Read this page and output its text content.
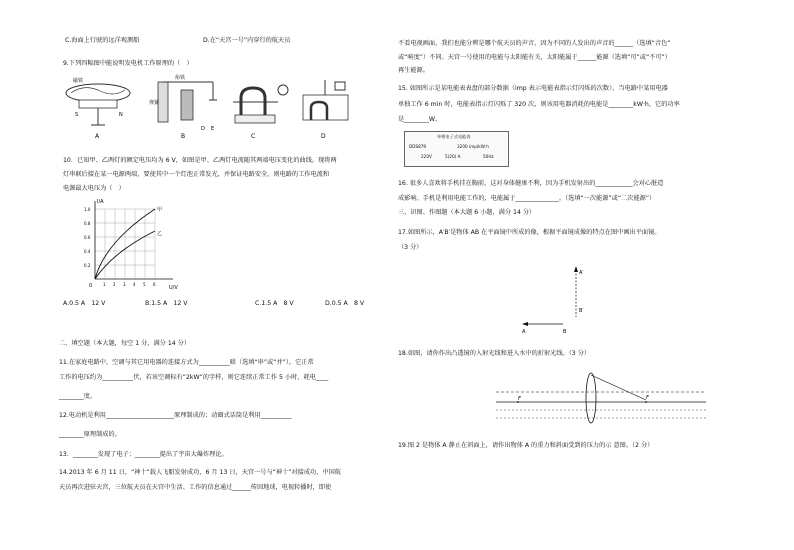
C.海面上行驶的远洋观测船	D.在“天宫一号”内穿行的航天员
9.下列四幅图中能说明发电机工作原理的（　）
磁铁
S	N
A
衔铁
弹簧
D E
B	C	D
10．已知甲、乙两灯的额定电压均为 6 V，如图是甲、乙两灯电流随其两端电压变化的曲线。现将两
灯串联后接在某一电源两端，要使其中一个灯泡正常发光，并保证电路安全，则电路的工作电流和
电源最大电压为（　）
I/A
U/V
甲
乙
0
1.0
0.8
0.6
0.4
0.2
1 2 3 4 5 6
A.0.5 A　12 V	B.1.5 A　12 V	C.1.5 A　8 V	D.0.5 A　8 V
二、填空题（本大题，每空 1 分，满分 14 分）
11.在家庭电路中，空调与其它用电器的连接方式为__________联（选填“串”或“并”），它正常
工作的电压约为__________伏，若该空调标有“2kW”的字样，则它连续正常工作 5 小时，耗电____
________度。
12.电动机是利用______________________原理制成的；动圈式话筒是利用__________
________原理制成的。
13．________发现了电子；________提出了宇宙大爆炸理论。
14.2013 年 6 月 11 日，“神十”载人飞船发射成功，6 月 13 日，天宫一号与“神十”对接成功，中国航
天员再次进驻天宫，三位航天员在天宫中生活、工作的信息通过______传回地球，电视转播时，即使
不看电视画面，我们也能分辨是哪个航天员的声音，因为不同的人发出的声音的______（选填“音色”
或“响度”）不同。天宫一号使用的电能与太阳能有关，太阳能属于______能源（选填“可”或“不可”）
再生能源。
15. 如图所示是某电能表表盘的部分数据（imp 表示电能表指示灯闪烁的次数）。当电路中某用电器
单独工作 6 min 时，电能表指示灯闪烁了 320 次，则该用电器消耗的电能是________kW·h，它的功率
是________W。
单相电子式电能表
DDS879	3200 imp/kW·h
220V	5(20) A	50Hz
16. 很多人喜欢将手机挂在胸前，这对身体健康不利，因为手机发射出的____________会对心脏造
成影响。手机是利用电能工作的，电能属于______________。（选填“一次能源”或“二次能源”）
三、识图、作图题（本大题 6 小题，满分 14 分）
17.如图所示，A′B′是物体 AB 在平面镜中所成的像，根据平面镜成像的特点在图中画出平面镜。
（3 分）
A′
B′
A	B
18.如图，请你作出凸透镜的入射光线和进入水中的折射光线。（3 分）
F	F
19.图 2 是物体 A 静止在斜面上，请作出物体 A 的重力和斜面受到的压力的示 意图。（2 分）
